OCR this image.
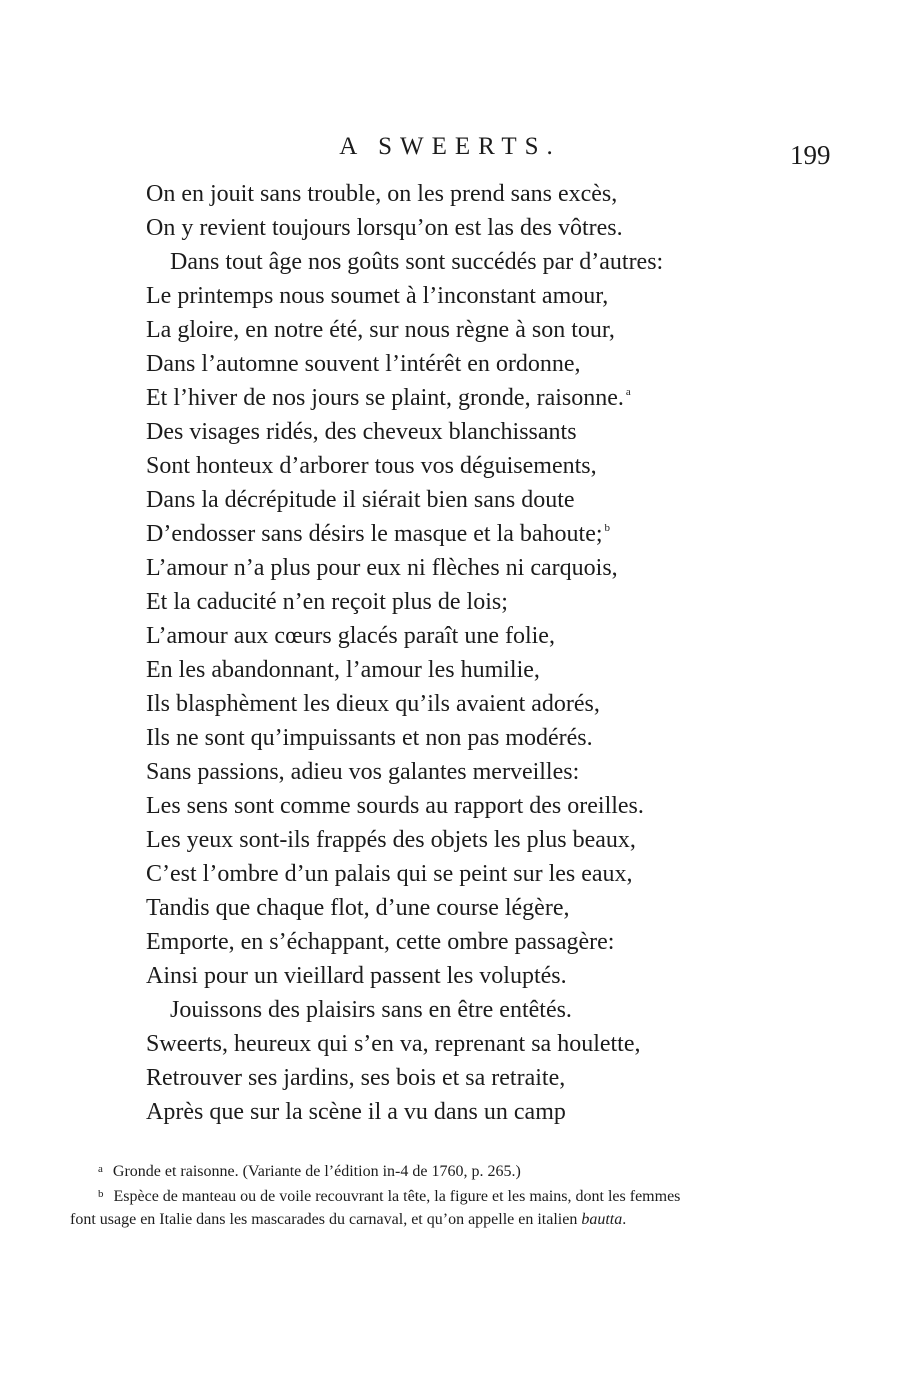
A SWEERTS.	199
On en jouit sans trouble, on les prend sans excès,
On y revient toujours lorsqu’on est las des vôtres.
Dans tout âge nos goûts sont succédés par d’autres:
Le printemps nous soumet à l’inconstant amour,
La gloire, en notre été, sur nous règne à son tour,
Dans l’automne souvent l’intérêt en ordonne,
Et l’hiver de nos jours se plaint, gronde, raisonne. $^a$
Des visages ridés, des cheveux blanchissants
Sont honteux d’arborer tous vos déguisements,
Dans la décrépitude il siérait bien sans doute
D’endosser sans désirs le masque et la bahoute; $^b$
L’amour n’a plus pour eux ni flèches ni carquois,
Et la caducité n’en reçoit plus de lois;
L’amour aux cœurs glacés paraît une folie,
En les abandonnant, l’amour les humilie,
Ils blasphèment les dieux qu’ils avaient adorés,
Ils ne sont qu’impuissants et non pas modérés.
Sans passions, adieu vos galantes merveilles:
Les sens sont comme sourds au rapport des oreilles.
Les yeux sont-ils frappés des objets les plus beaux,
C’est l’ombre d’un palais qui se peint sur les eaux,
Tandis que chaque flot, d’une course légère,
Emporte, en s’échappant, cette ombre passagère:
Ainsi pour un vieillard passent les voluptés.
Jouissons des plaisirs sans en être entêtés.
Sweerts, heureux qui s’en va, reprenant sa houlette,
Retrouver ses jardins, ses bois et sa retraite,
Après que sur la scène il a vu dans un camp
$^a$ Gronde et raisonne. (Variante de l’édition in-4 de 1760, p. 265.)
$^b$ Espèce de manteau ou de voile recouvrant la tête, la figure et les mains, dont les femmes
font usage en Italie dans les mascarades du carnaval, et qu’on appelle en italien bautta.
